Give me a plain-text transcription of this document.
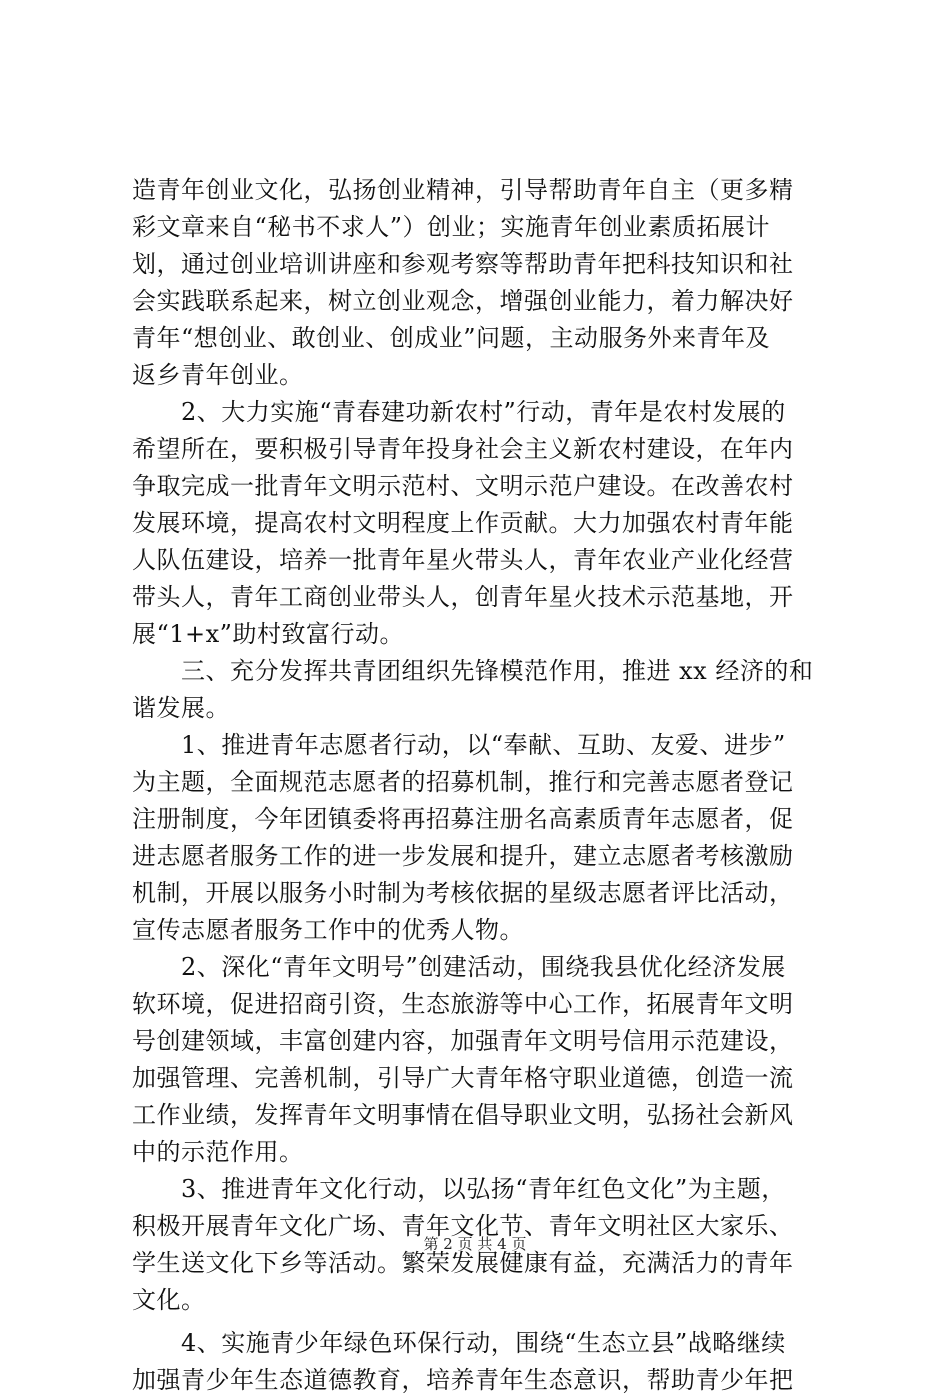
造青年创业文化，弘扬创业精神，引导帮助青年自主（更多精
彩文章来自“秘书不求人”）创业；实施青年创业素质拓展计
划，通过创业培训讲座和参观考察等帮助青年把科技知识和社
会实践联系起来，树立创业观念，增强创业能力，着力解决好
青年“想创业、敢创业、创成业”问题，主动服务外来青年及
返乡青年创业。
　　2、大力实施“青春建功新农村”行动，青年是农村发展的
希望所在，要积极引导青年投身社会主义新农村建设，在年内
争取完成一批青年文明示范村、文明示范户建设。在改善农村
发展环境，提高农村文明程度上作贡献。大力加强农村青年能
人队伍建设，培养一批青年星火带头人，青年农业产业化经营
带头人，青年工商创业带头人，创青年星火技术示范基地，开
展“1+x”助村致富行动。
　　三、充分发挥共青团组织先锋模范作用，推进 xx 经济的和
谐发展。
　　1、推进青年志愿者行动，以“奉献、互助、友爱、进步”
为主题，全面规范志愿者的招募机制，推行和完善志愿者登记
注册制度，今年团镇委将再招募注册名高素质青年志愿者，促
进志愿者服务工作的进一步发展和提升，建立志愿者考核激励
机制，开展以服务小时制为考核依据的星级志愿者评比活动，
宣传志愿者服务工作中的优秀人物。
　　2、深化“青年文明号”创建活动，围绕我县优化经济发展
软环境，促进招商引资，生态旅游等中心工作，拓展青年文明
号创建领域，丰富创建内容，加强青年文明号信用示范建设，
加强管理、完善机制，引导广大青年格守职业道德，创造一流
工作业绩，发挥青年文明事情在倡导职业文明，弘扬社会新风
中的示范作用。
　　3、推进青年文化行动，以弘扬“青年红色文化”为主题，
积极开展青年文化广场、青年文化节、青年文明社区大家乐、
学生送文化下乡等活动。繁荣发展健康有益，充满活力的青年
文化。
　　4、实施青少年绿色环保行动，围绕“生态立县”战略继续
加强青少年生态道德教育，培养青年生态意识，帮助青少年把
第 2 页 共 4 页
